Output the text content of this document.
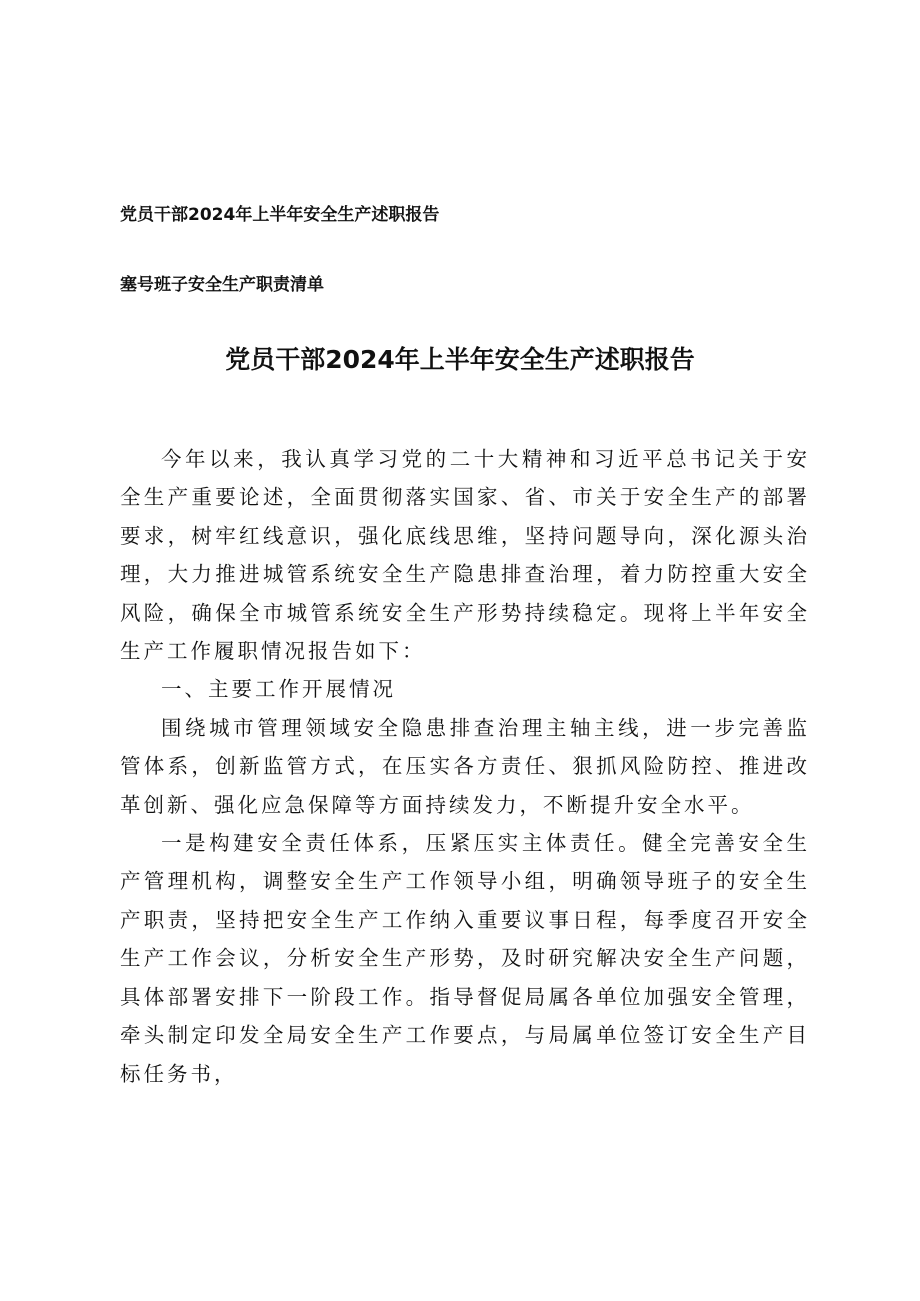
党员干部2024年上半年安全生产述职报告
塞号班子安全生产职责清单
党员干部2024年上半年安全生产述职报告

今年以来，我认真学习党的二十大精神和习近平总书记关于安全生产重要论述，全面贯彻落实国家、省、市关于安全生产的部署要求，树牢红线意识，强化底线思维，坚持问题导向，深化源头治理，大力推进城管系统安全生产隐患排查治理，着力防控重大安全风险，确保全市城管系统安全生产形势持续稳定。现将上半年安全生产工作履职情况报告如下：

一、主要工作开展情况

围绕城市管理领域安全隐患排查治理主轴主线，进一步完善监管体系，创新监管方式，在压实各方责任、狠抓风险防控、推进改革创新、强化应急保障等方面持续发力，不断提升安全水平。

一是构建安全责任体系，压紧压实主体责任。健全完善安全生产管理机构，调整安全生产工作领导小组，明确领导班子的安全生产职责，坚持把安全生产工作纳入重要议事日程，每季度召开安全生产工作会议，分析安全生产形势，及时研究解决安全生产问题，具体部署安排下一阶段工作。指导督促局属各单位加强安全管理，牵头制定印发全局安全生产工作要点，与局属单位签订安全生产目标任务书，
